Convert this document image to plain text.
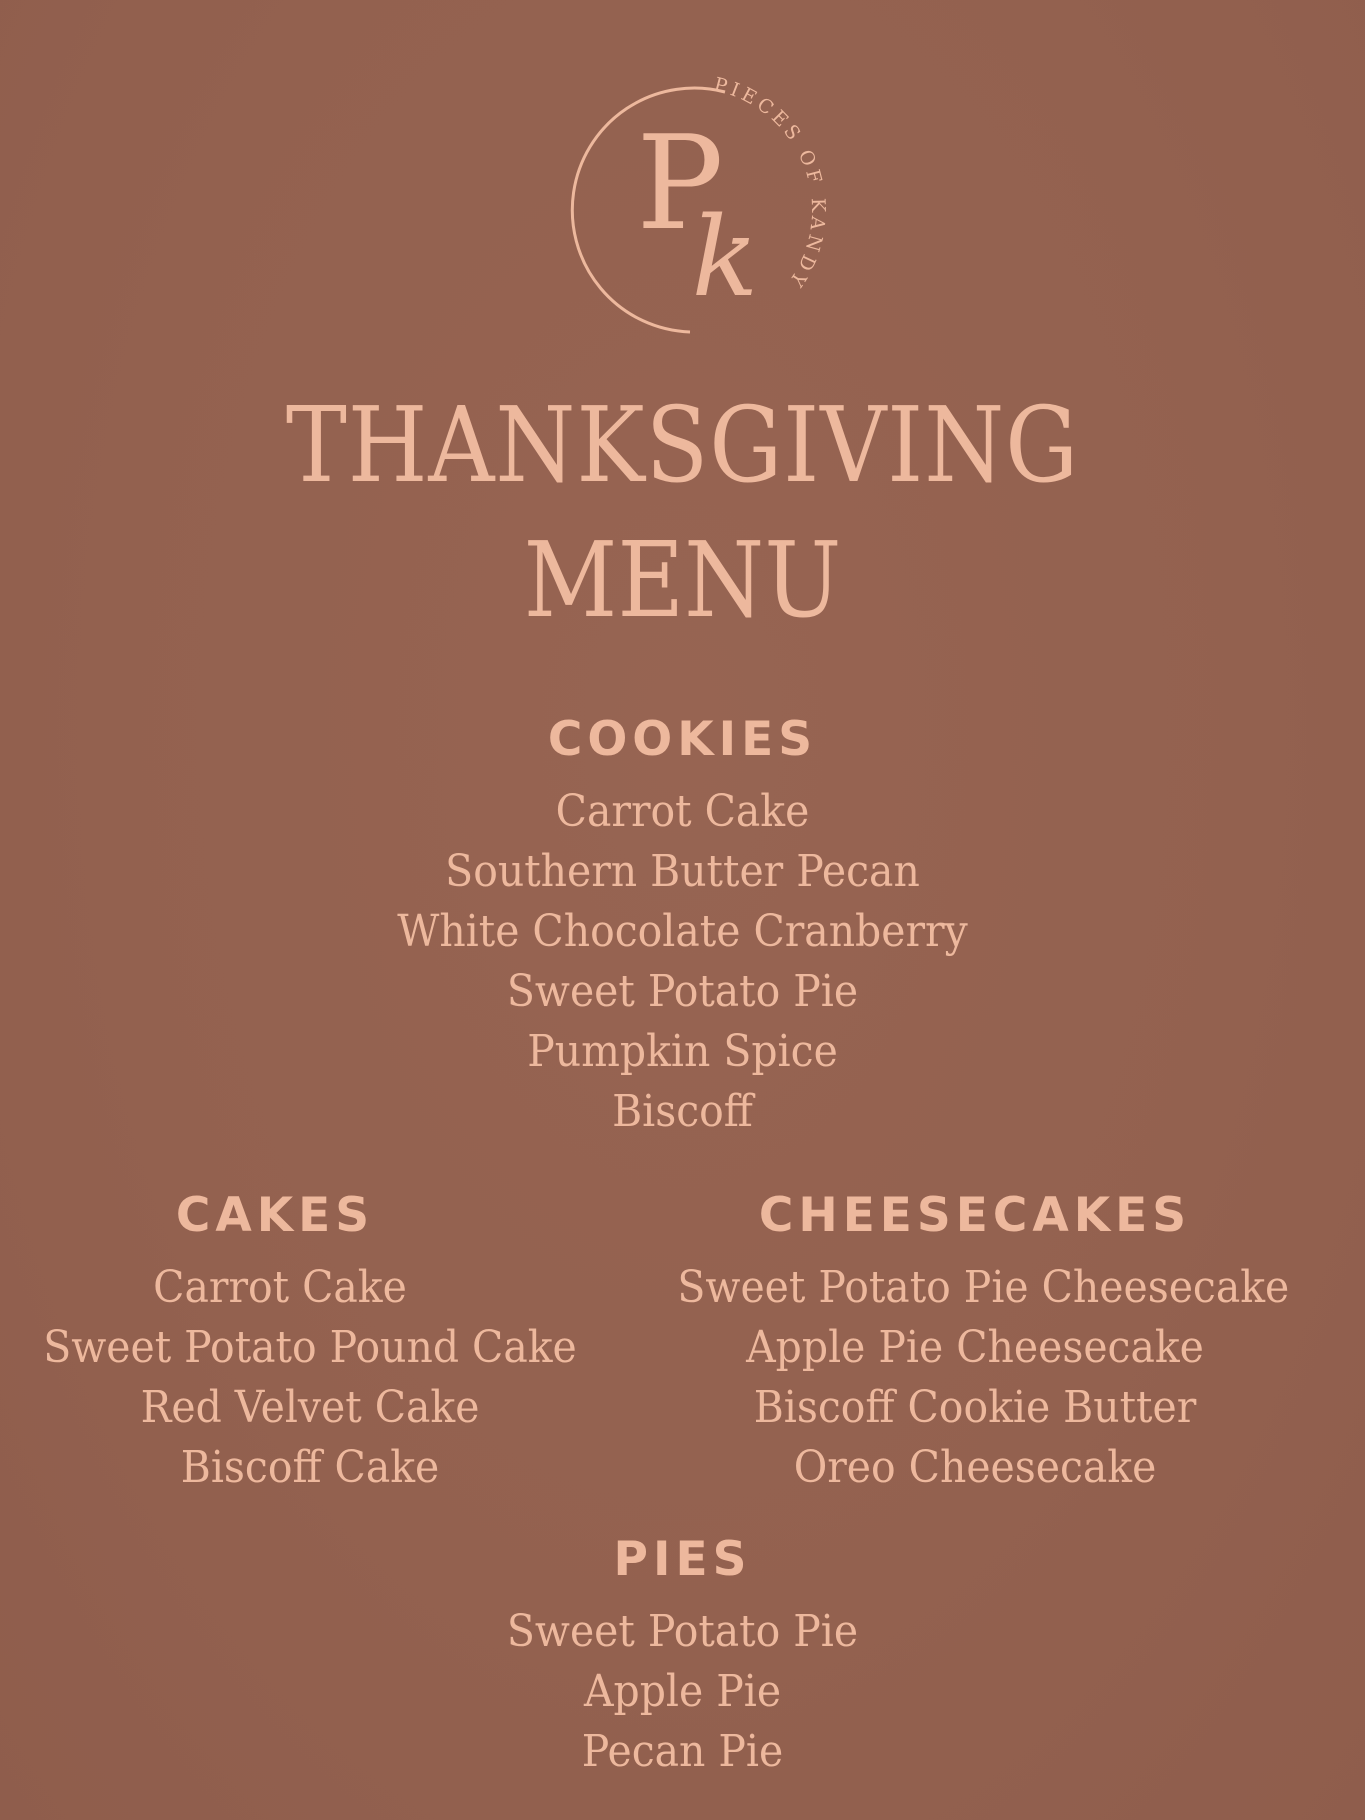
P
k
PIECES OF KANDY
THANKSGIVING
MENU
COOKIES
Carrot Cake
Southern Butter Pecan
White Chocolate Cranberry
Sweet Potato Pie
Pumpkin Spice
Biscoff
CAKES
Carrot Cake
Sweet Potato Pound Cake
Red Velvet Cake
Biscoff Cake
CHEESECAKES
Sweet Potato Pie Cheesecake
Apple Pie Cheesecake
Biscoff Cookie Butter
Oreo Cheesecake
PIES
Sweet Potato Pie
Apple Pie
Pecan Pie
